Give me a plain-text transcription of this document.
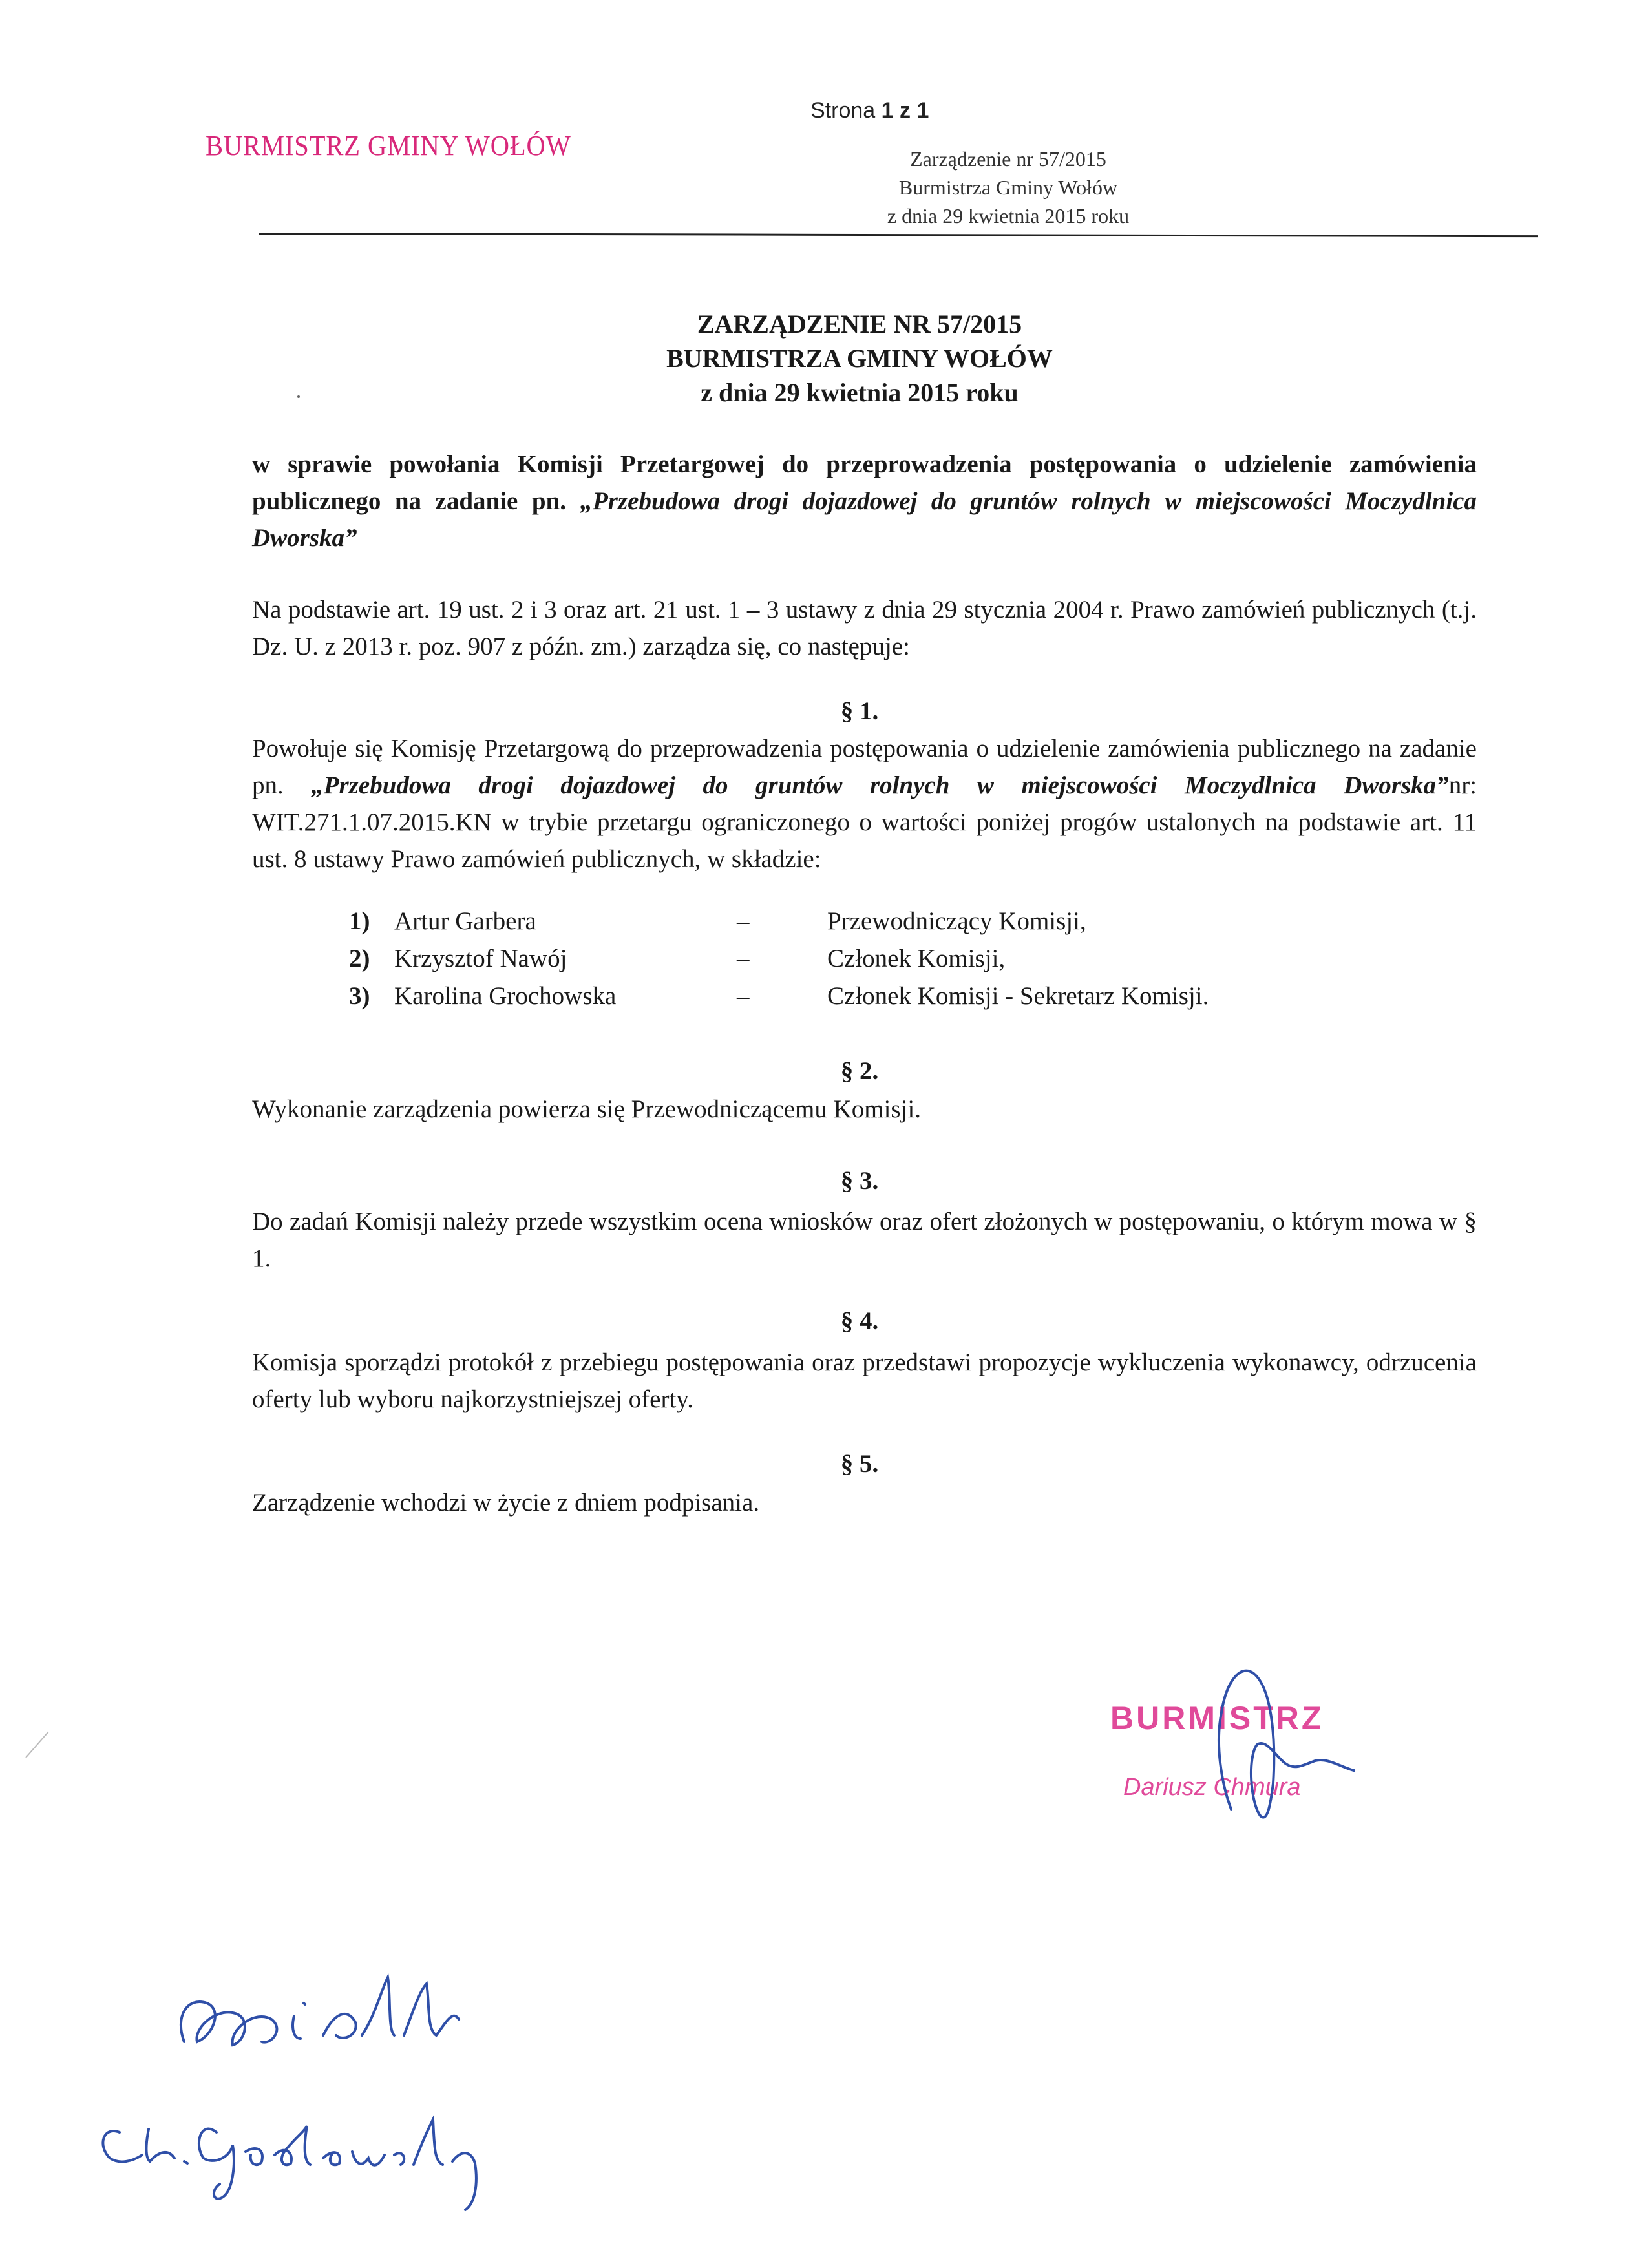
BURMISTRZ GMINY WOŁÓW
Strona 1 z 1
Zarządzenie nr 57/2015
Burmistrza Gminy Wołów
z dnia 29 kwietnia 2015 roku
ZARZĄDZENIE NR 57/2015
BURMISTRZA GMINY WOŁÓW
z dnia 29 kwietnia 2015 roku
w sprawie powołania Komisji Przetargowej do przeprowadzenia postępowania o udzielenie zamówienia publicznego na zadanie pn. „Przebudowa drogi dojazdowej do gruntów rolnych w miejscowości Moczydlnica Dworska”
Na podstawie art. 19 ust. 2 i 3 oraz art. 21 ust. 1 – 3 ustawy z dnia 29 stycznia 2004 r. Prawo zamówień publicznych (t.j. Dz. U. z 2013 r. poz. 907 z późn. zm.) zarządza się, co następuje:
§ 1.
Powołuje się Komisję Przetargową do przeprowadzenia postępowania o udzielenie zamówienia publicznego na zadanie pn. „Przebudowa drogi dojazdowej do gruntów rolnych w miejscowości Moczydlnica Dworska”nr: WIT.271.1.07.2015.KN w trybie przetargu ograniczonego o wartości poniżej progów ustalonych na podstawie art. 11 ust. 8 ustawy Prawo zamówień publicznych, w składzie:
1) Artur Garbera	–	Przewodniczący Komisji,
2) Krzysztof Nawój	–	Członek Komisji,
3) Karolina Grochowska	–	Członek Komisji - Sekretarz Komisji.
§ 2.
Wykonanie zarządzenia powierza się Przewodniczącemu Komisji.
§ 3.
Do zadań Komisji należy przede wszystkim ocena wniosków oraz ofert złożonych w postępowaniu, o którym mowa w § 1.
§ 4.
Komisja sporządzi protokół z przebiegu postępowania oraz przedstawi propozycje wykluczenia wykonawcy, odrzucenia oferty lub wyboru najkorzystniejszej oferty.
§ 5.
Zarządzenie wchodzi w życie z dniem podpisania.
BURMISTRZ
Dariusz Chmura
